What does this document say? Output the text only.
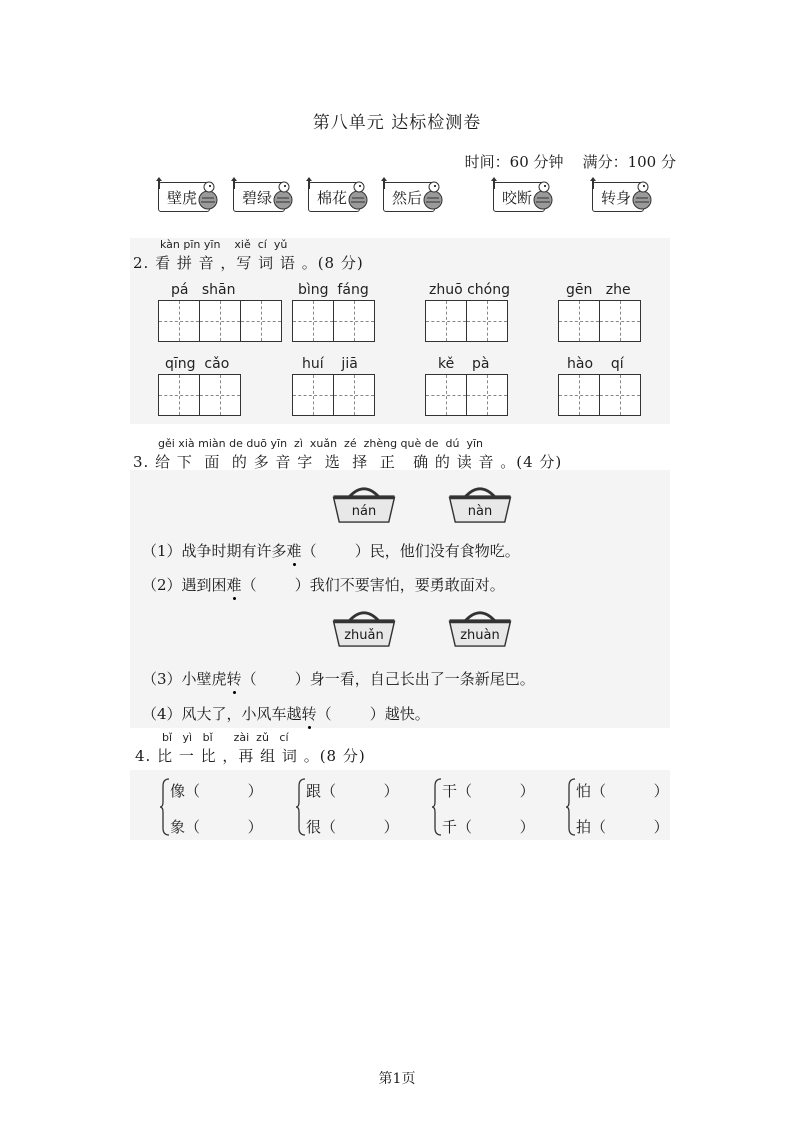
第八单元 达标检测卷
时间：60 分钟    满分：100 分
壁虎	碧绿	棉花	然后	咬断	转身
kàn pīn yīn    xiě  cí  yǔ
2. 看 拼 音 ，写 词 语 。(8 分)
pá   shān	bìng  fáng	zhuō chóng	gēn   zhe
qīng  cǎo	huí    jiā	kě    pà	hào    qí
gěi xià miàn de duō yīn  zì  xuǎn  zé  zhèng què de  dú  yīn
3. 给 下  面  的 多 音 字  选  择  正   确 的 读 音 。(4 分)
nán	nàn
（1）战争时期有许多难（        ）民，他们没有食物吃。
（2）遇到困难（        ）我们不要害怕，要勇敢面对。
zhuǎn	zhuàn
（3）小壁虎转（        ）身一看，自己长出了一条新尾巴。
（4）风大了，小风车越转（        ）越快。
bǐ   yì   bǐ      zài  zǔ   cí
4. 比 一 比 ，再 组 词 。(8 分)
像（          ）
象（          ）
跟（          ）
很（          ）
干（          ）
千（          ）
怕（          ）
拍（          ）
第1页
